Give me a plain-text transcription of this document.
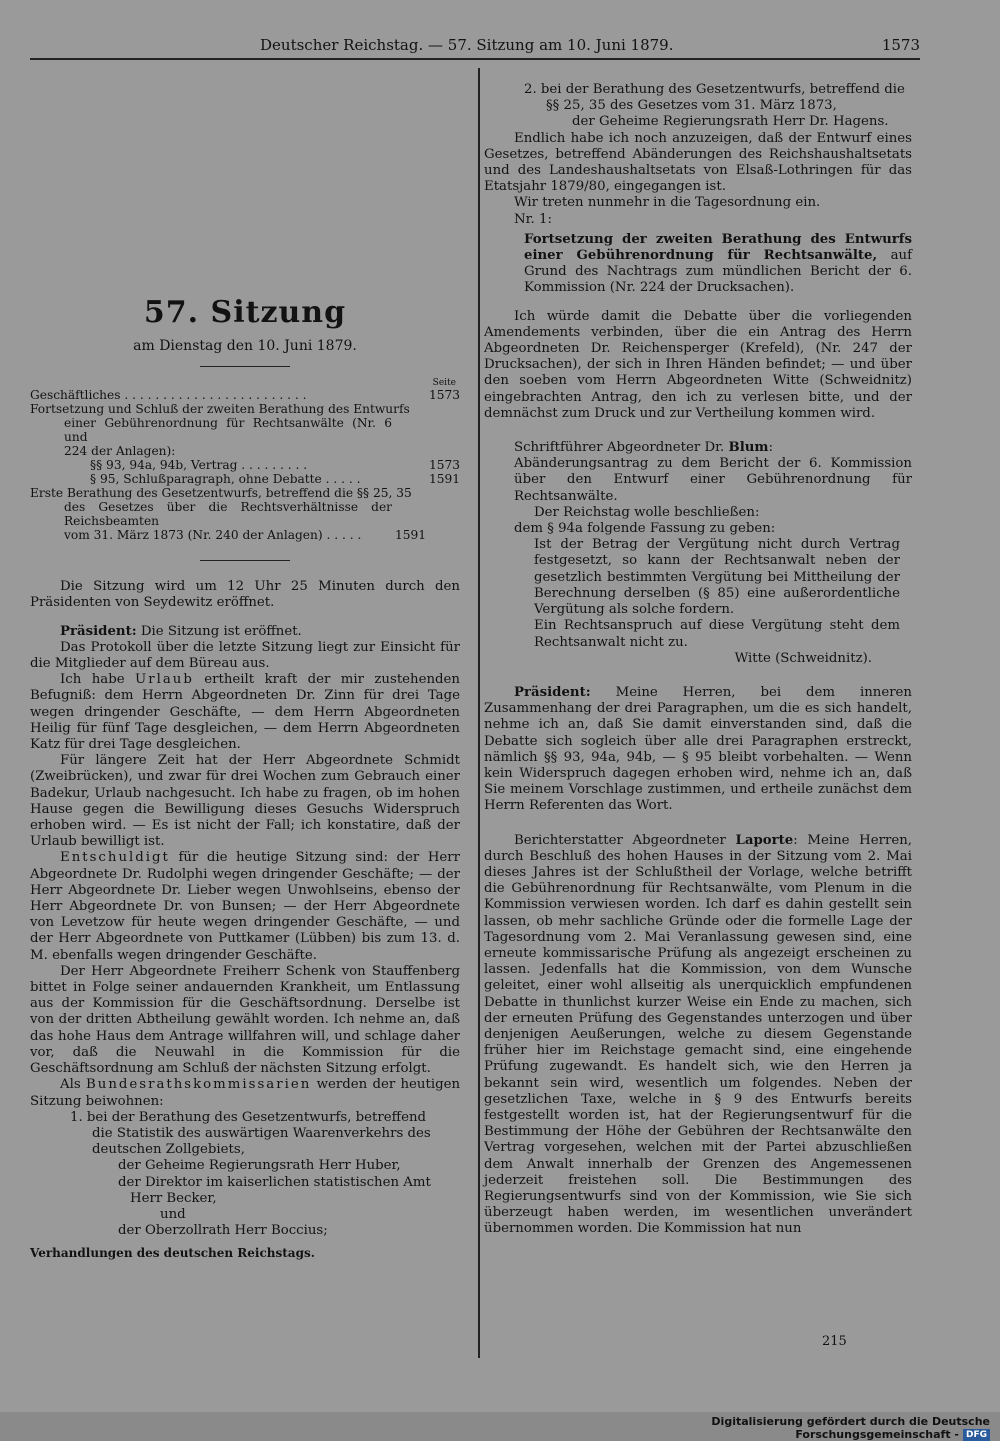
Deutscher Reichstag. — 57. Sitzung am 10. Juni 1879.	1573
57. Sitzung
am Dienstag den 10. Juni 1879.
Seite
Geschäftliches . . . . . . . . . . . . . . . . . . . . . . . .	1573
Fortsetzung und Schluß der zweiten Berathung des Entwurfs
einer Gebührenordnung für Rechtsanwälte (Nr. 6 und
224 der Anlagen):
§§ 93, 94a, 94b, Vertrag . . . . . . . . .	1573
§ 95, Schlußparagraph, ohne Debatte . . . . .	1591
Erste Berathung des Gesetzentwurfs, betreffend die §§ 25, 35
des Gesetzes über die Rechtsverhältnisse der Reichsbeamten
vom 31. März 1873 (Nr. 240 der Anlagen) . . . . .	1591

Die Sitzung wird um 12 Uhr 25 Minuten durch den Präsidenten von Seydewitz eröffnet.

Präsident: Die Sitzung ist eröffnet.

Das Protokoll über die letzte Sitzung liegt zur Einsicht für die Mitglieder auf dem Büreau aus.

Ich habe Urlaub ertheilt kraft der mir zustehenden Befugniß: dem Herrn Abgeordneten Dr. Zinn für drei Tage wegen dringender Geschäfte, — dem Herrn Abgeordneten Heilig für fünf Tage desgleichen, — dem Herrn Abgeordneten Katz für drei Tage desgleichen.

Für längere Zeit hat der Herr Abgeordnete Schmidt (Zweibrücken), und zwar für drei Wochen zum Gebrauch einer Badekur, Urlaub nachgesucht. Ich habe zu fragen, ob im hohen Hause gegen die Bewilligung dieses Gesuchs Widerspruch erhoben wird. — Es ist nicht der Fall; ich konstatire, daß der Urlaub bewilligt ist.

Entschuldigt für die heutige Sitzung sind: der Herr Abgeordnete Dr. Rudolphi wegen dringender Geschäfte; — der Herr Abgeordnete Dr. Lieber wegen Unwohlseins, ebenso der Herr Abgeordnete Dr. von Bunsen; — der Herr Abgeordnete von Levetzow für heute wegen dringender Geschäfte, — und der Herr Abgeordnete von Puttkamer (Lübben) bis zum 13. d. M. ebenfalls wegen dringender Geschäfte.

Der Herr Abgeordnete Freiherr Schenk von Stauffenberg bittet in Folge seiner andauernden Krankheit, um Entlassung aus der Kommission für die Geschäftsordnung. Derselbe ist von der dritten Abtheilung gewählt worden. Ich nehme an, daß das hohe Haus dem Antrage willfahren will, und schlage daher vor, daß die Neuwahl in die Kommission für die Geschäftsordnung am Schluß der nächsten Sitzung erfolgt.

Als Bundesrathskommissarien werden der heutigen Sitzung beiwohnen:

1. bei der Berathung des Gesetzentwurfs, betreffend
die Statistik des auswärtigen Waarenverkehrs des
deutschen Zollgebiets,
der Geheime Regierungsrath Herr Huber,
der Direktor im kaiserlichen statistischen Amt
Herr Becker,
und
der Oberzollrath Herr Boccius;
Verhandlungen des deutschen Reichstags.
2. bei der Berathung des Gesetzentwurfs, betreffend die
§§ 25, 35 des Gesetzes vom 31. März 1873,
der Geheime Regierungsrath Herr Dr. Hagens.

Endlich habe ich noch anzuzeigen, daß der Entwurf eines Gesetzes, betreffend Abänderungen des Reichshaushaltsetats und des Landeshaushaltsetats von Elsaß-Lothringen für das Etatsjahr 1879/80, eingegangen ist.

Wir treten nunmehr in die Tagesordnung ein.

Nr. 1:

Fortsetzung der zweiten Berathung des Entwurfs einer Gebührenordnung für Rechtsanwälte, auf Grund des Nachtrags zum mündlichen Bericht der 6. Kommission (Nr. 224 der Drucksachen).

Ich würde damit die Debatte über die vorliegenden Amendements verbinden, über die ein Antrag des Herrn Abgeordneten Dr. Reichensperger (Krefeld), (Nr. 247 der Drucksachen), der sich in Ihren Händen befindet; — und über den soeben vom Herrn Abgeordneten Witte (Schweidnitz) eingebrachten Antrag, den ich zu verlesen bitte, und der demnächst zum Druck und zur Vertheilung kommen wird.

Schriftführer Abgeordneter Dr. Blum:

Abänderungsantrag zu dem Bericht der 6. Kommission über den Entwurf einer Gebührenordnung für Rechtsanwälte.

Der Reichstag wolle beschließen:

dem § 94a folgende Fassung zu geben:

Ist der Betrag der Vergütung nicht durch Vertrag festgesetzt, so kann der Rechtsanwalt neben der gesetzlich bestimmten Vergütung bei Mittheilung der Berechnung derselben (§ 85) eine außerordentliche Vergütung als solche fordern.

Ein Rechtsanspruch auf diese Vergütung steht dem Rechtsanwalt nicht zu.

Witte (Schweidnitz).

Präsident: Meine Herren, bei dem inneren Zusammenhang der drei Paragraphen, um die es sich handelt, nehme ich an, daß Sie damit einverstanden sind, daß die Debatte sich sogleich über alle drei Paragraphen erstreckt, nämlich §§ 93, 94a, 94b, — § 95 bleibt vorbehalten. — Wenn kein Widerspruch dagegen erhoben wird, nehme ich an, daß Sie meinem Vorschlage zustimmen, und ertheile zunächst dem Herrn Referenten das Wort.

Berichterstatter Abgeordneter Laporte: Meine Herren, durch Beschluß des hohen Hauses in der Sitzung vom 2. Mai dieses Jahres ist der Schlußtheil der Vorlage, welche betrifft die Gebührenordnung für Rechtsanwälte, vom Plenum in die Kommission verwiesen worden. Ich darf es dahin gestellt sein lassen, ob mehr sachliche Gründe oder die formelle Lage der Tagesordnung vom 2. Mai Veranlassung gewesen sind, eine erneute kommissarische Prüfung als angezeigt erscheinen zu lassen. Jedenfalls hat die Kommission, von dem Wunsche geleitet, einer wohl allseitig als unerquicklich empfundenen Debatte in thunlichst kurzer Weise ein Ende zu machen, sich der erneuten Prüfung des Gegenstandes unterzogen und über denjenigen Aeußerungen, welche zu diesem Gegenstande früher hier im Reichstage gemacht sind, eine eingehende Prüfung zugewandt. Es handelt sich, wie den Herren ja bekannt sein wird, wesentlich um folgendes. Neben der gesetzlichen Taxe, welche in § 9 des Entwurfs bereits festgestellt worden ist, hat der Regierungsentwurf für die Bestimmung der Höhe der Gebühren der Rechtsanwälte den Vertrag vorgesehen, welchen mit der Partei abzuschließen dem Anwalt innerhalb der Grenzen des Angemessenen jederzeit freistehen soll. Die Bestimmungen des Regierungsentwurfs sind von der Kommission, wie Sie sich überzeugt haben werden, im wesentlichen unverändert übernommen worden. Die Kommission hat nun

215
Digitalisierung gefördert durch die Deutsche Forschungsgemeinschaft - DFG
